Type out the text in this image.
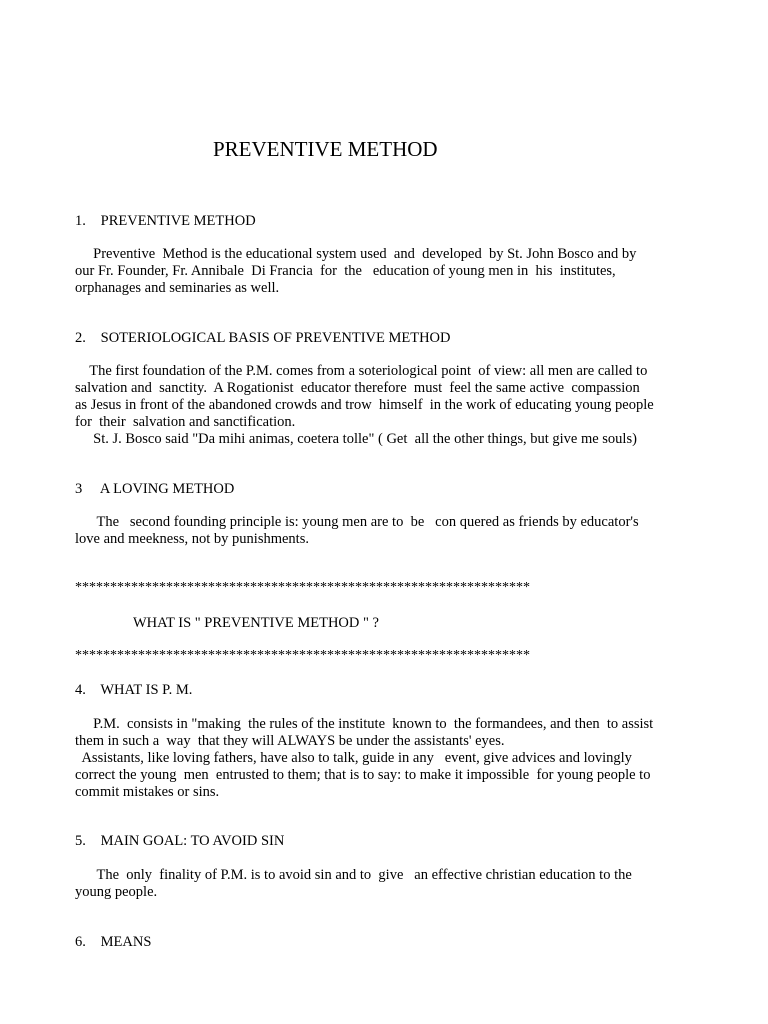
PREVENTIVE METHOD
1. PREVENTIVE METHOD
Preventive  Method is the educational system used  and  developed  by St. John Bosco and by
our Fr. Founder, Fr. Annibale  Di Francia  for  the   education of young men in  his  institutes,
orphanages and seminaries as well.
2. SOTERIOLOGICAL BASIS OF PREVENTIVE METHOD
The first foundation of the P.M. comes from a soteriological point  of view: all men are called to
salvation and  sanctity.  A Rogationist  educator therefore  must  feel the same active  compassion
as Jesus in front of the abandoned crowds and trow  himself  in the work of educating young people
for  their  salvation and sanctification.
St. J. Bosco said "Da mihi animas, coetera tolle" ( Get  all the other things, but give me souls)
3 A LOVING METHOD
The   second founding principle is: young men are to  be   con quered as friends by educator's
love and meekness, not by punishments.
*****************************************************************
WHAT IS " PREVENTIVE METHOD " ?
*****************************************************************
4. WHAT IS P. M.
P.M.  consists in "making  the rules of the institute  known to  the formandees, and then  to assist
them in such a  way  that they will ALWAYS be under the assistants' eyes.
Assistants, like loving fathers, have also to talk, guide in any   event, give advices and lovingly
correct the young  men  entrusted to them; that is to say: to make it impossible  for young people to
commit mistakes or sins.
5. MAIN GOAL: TO AVOID SIN
The  only  finality of P.M. is to avoid sin and to  give   an effective christian education to the
young people.
6. MEANS
